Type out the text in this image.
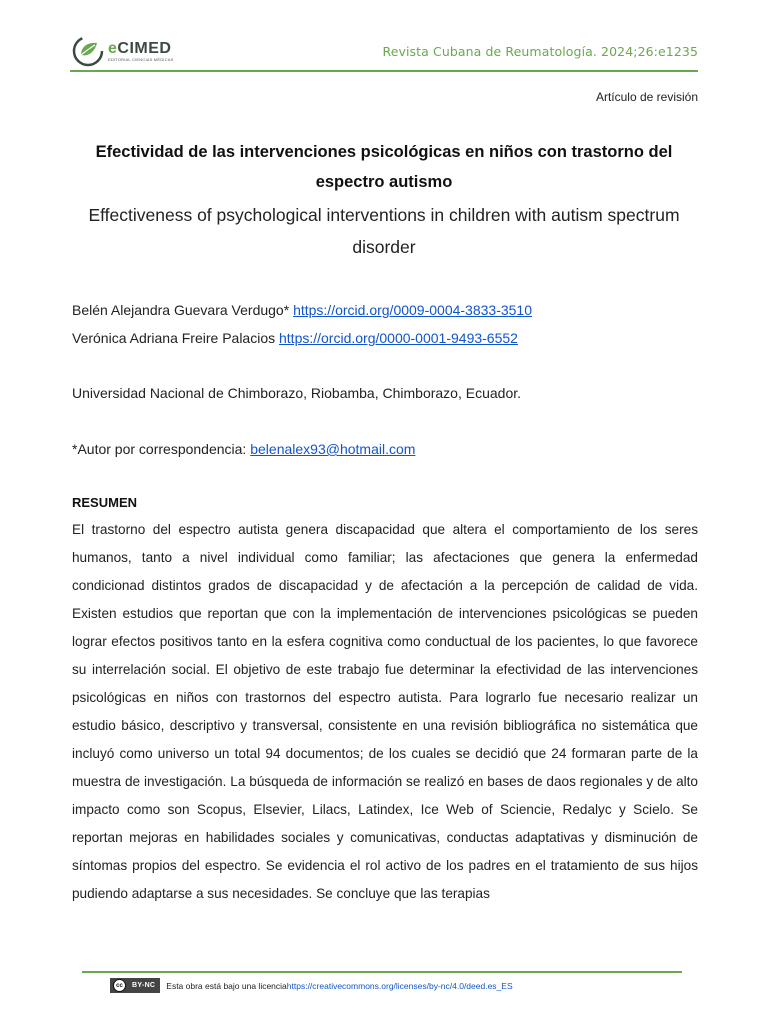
eCIMED
EDITORIAL CIENCIAS MÉDICAS	Revista Cubana de Reumatología. 2024;26:e1235
Artículo de revisión
Efectividad de las intervenciones psicológicas en niños con trastorno del espectro autismo
Effectiveness of psychological interventions in children with autism spectrum disorder
Belén Alejandra Guevara Verdugo* https://orcid.org/0009-0004-3833-3510
Verónica Adriana Freire Palacios https://orcid.org/0000-0001-9493-6552
Universidad Nacional de Chimborazo, Riobamba, Chimborazo, Ecuador.
*Autor por correspondencia: belenalex93@hotmail.com
RESUMEN

El trastorno del espectro autista genera discapacidad que altera el comportamiento de los seres humanos, tanto a nivel individual como familiar; las afectaciones que genera la enfermedad condicionad distintos grados de discapacidad y de afectación a la percepción de calidad de vida. Existen estudios que reportan que con la implementación de intervenciones psicológicas se pueden lograr efectos positivos tanto en la esfera cognitiva como conductual de los pacientes, lo que favorece su interrelación social. El objetivo de este trabajo fue determinar la efectividad de las intervenciones psicológicas en niños con trastornos del espectro autista. Para lograrlo fue necesario realizar un estudio básico, descriptivo y transversal, consistente en una revisión bibliográfica no sistemática que incluyó como universo un total 94 documentos; de los cuales se decidió que 24 formaran parte de la muestra de investigación. La búsqueda de información se realizó en bases de daos regionales y de alto impacto como son Scopus, Elsevier, Lilacs, Latindex, Ice Web of Sciencie, Redalyc y Scielo. Se reportan mejoras en habilidades sociales y comunicativas, conductas adaptativas y disminución de síntomas propios del espectro. Se evidencia el rol activo de los padres en el tratamiento de sus hijos pudiendo adaptarse a sus necesidades. Se concluye que las terapias

cc	BY-NC	Esta obra está bajo una licencia https://creativecommons.org/licenses/by-nc/4.0/deed.es_ES
